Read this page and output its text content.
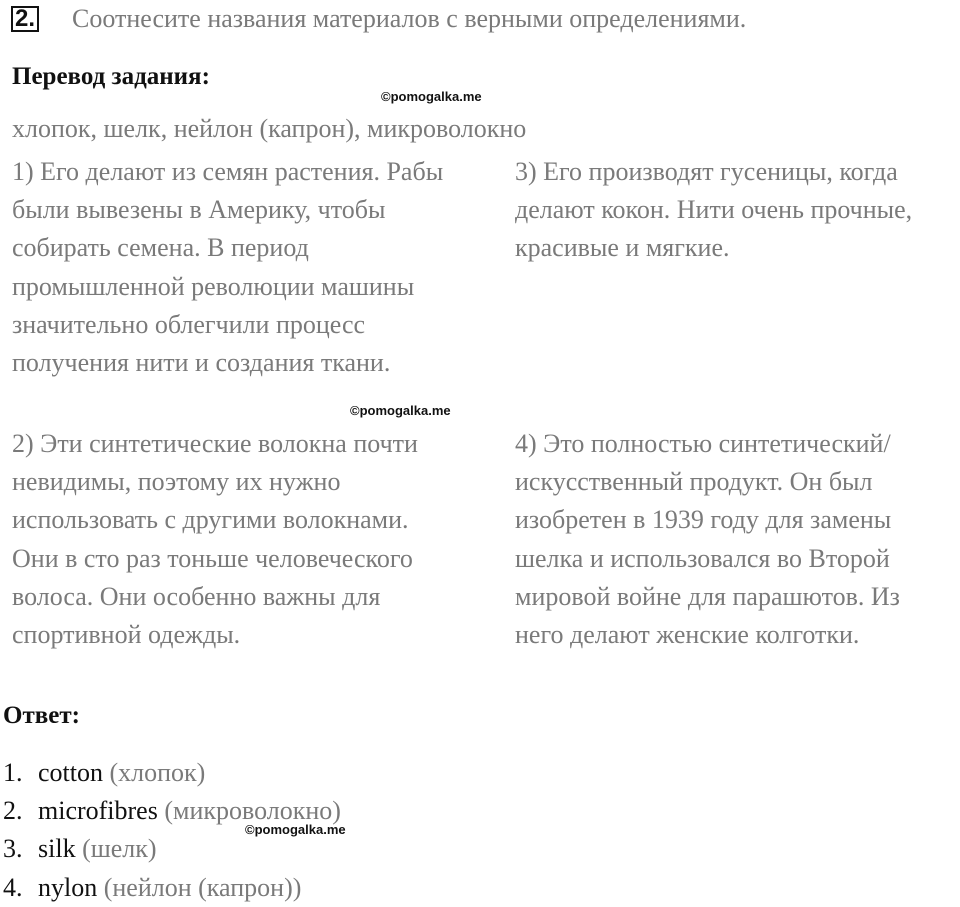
2. Соотнесите названия материалов с верными определениями.
Перевод задания:
©pomogalka.me
хлопок, шелк, нейлон (капрон), микроволокно

1) Его делают из семян растения. Рабы

были вывезены в Америку, чтобы

собирать семена. В период

промышленной революции машины

значительно облегчили процесс

получения нити и создания ткани.

3) Его производят гусеницы, когда

делают кокон. Нити очень прочные,

красивые и мягкие.

©pomogalka.me

2) Эти синтетические волокна почти

невидимы, поэтому их нужно

использовать с другими волокнами.

Они в сто раз тоньше человеческого

волоса. Они особенно важны для

спортивной одежды.

4) Это полностью синтетический/

искусственный продукт. Он был

изобретен в 1939 году для замены

шелка и использовался во Второй

мировой войне для парашютов. Из

него делают женские колготки.

Ответ:
1. cotton (хлопок)
2. microfibres (микроволокно)
3. silk (шелк)
4. nylon (нейлон (капрон))
©pomogalka.me
